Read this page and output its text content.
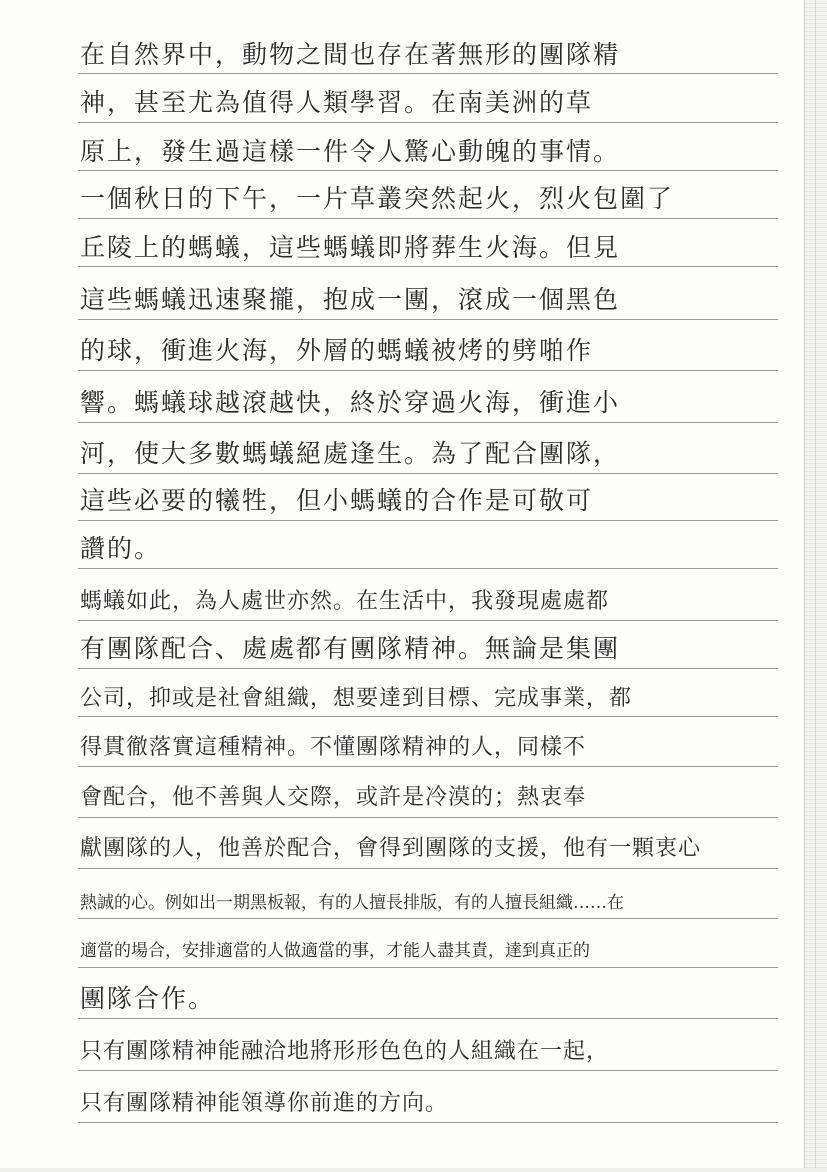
在自然界中，動物之間也存在著無形的團隊精
神，甚至尤為值得人類學習。在南美洲的草
原上，發生過這樣一件令人驚心動魄的事情。
一個秋日的下午，一片草叢突然起火，烈火包圍了
丘陵上的螞蟻，這些螞蟻即將葬生火海。但見
這些螞蟻迅速聚攏，抱成一團，滾成一個黑色
的球，衝進火海，外層的螞蟻被烤的劈啪作
響。螞蟻球越滾越快，終於穿過火海，衝進小
河，使大多數螞蟻絕處逢生。為了配合團隊，
這些必要的犧牲，但小螞蟻的合作是可敬可
讚的。
螞蟻如此，為人處世亦然。在生活中，我發現處處都
有團隊配合、處處都有團隊精神。無論是集團
公司，抑或是社會組織，想要達到目標、完成事業，都
得貫徹落實這種精神。不懂團隊精神的人，同樣不
會配合，他不善與人交際，或許是冷漠的；熱衷奉
獻團隊的人，他善於配合，會得到團隊的支援，他有一顆衷心
熱誠的心。例如出一期黑板報，有的人擅長排版，有的人擅長組織……在
適當的場合，安排適當的人做適當的事，才能人盡其責，達到真正的
團隊合作。
只有團隊精神能融洽地將形形色色的人組織在一起，
只有團隊精神能領導你前進的方向。
